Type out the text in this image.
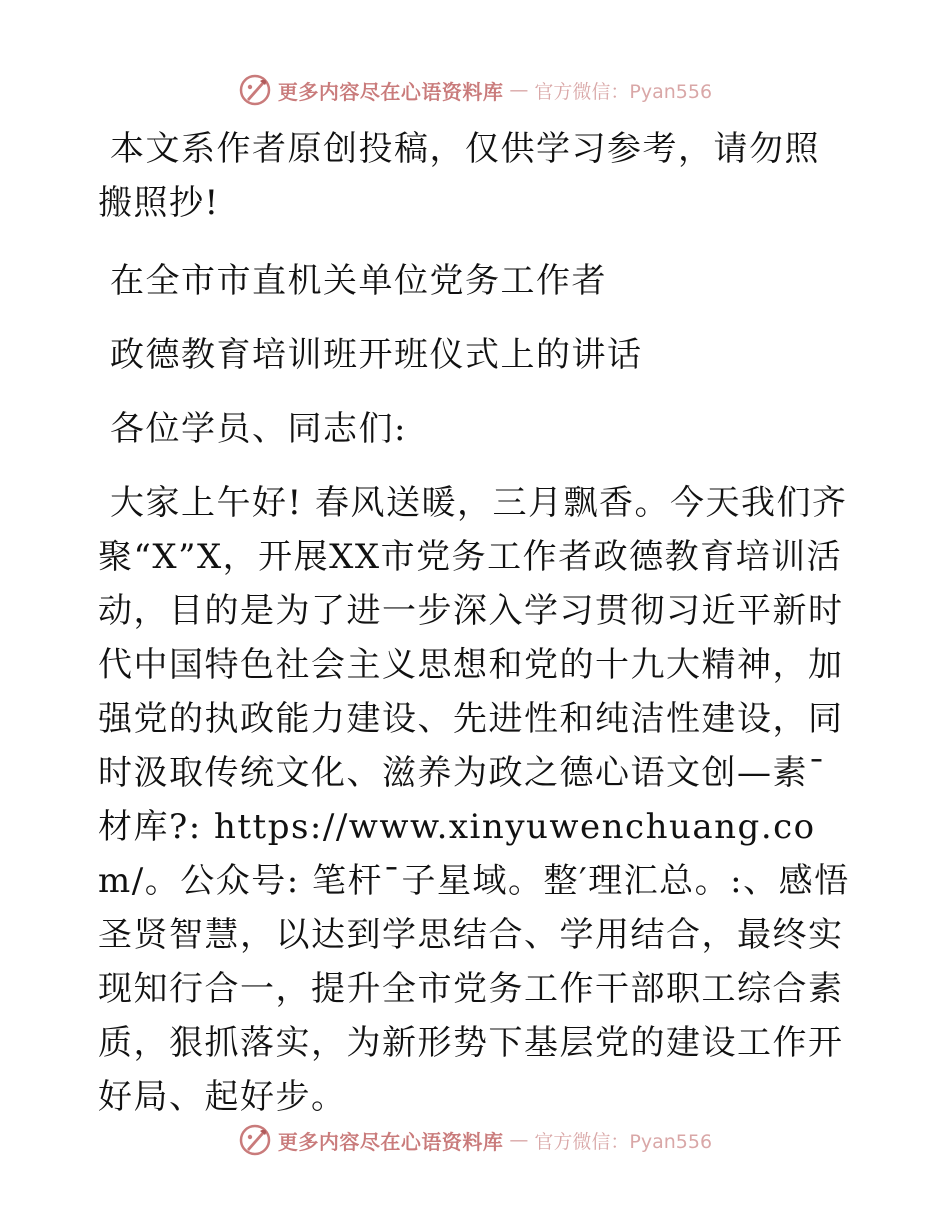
更多内容尽在心语资料库 — 官方微信：Pyan556

本文系作者原创投稿，仅供学习参考，请勿照搬照抄!

在全市市直机关单位党务工作者

政德教育培训班开班仪式上的讲话

各位学员、同志们:

大家上午好! 春风送暖，三月飘香。今天我们齐聚“X”X，开展XX市党务工作者政德教育培训活动，目的是为了进一步深入学习贯彻习近平新时代中国特色社会主义思想和党的十九大精神，加强党的执政能力建设、先进性和纯洁性建设，同时汲取传统文化、滋养为政之德心语文创—素¯材库?: https://www.xinyuwenchuang.com/。公众号: 笔杆¯子星域。整′理汇总。:、感悟圣贤智慧，以达到学思结合、学用结合，最终实现知行合一，提升全市党务工作干部职工综合素质，狠抓落实，为新形势下基层党的建设工作开好局、起好步。

更多内容尽在心语资料库 — 官方微信：Pyan556
